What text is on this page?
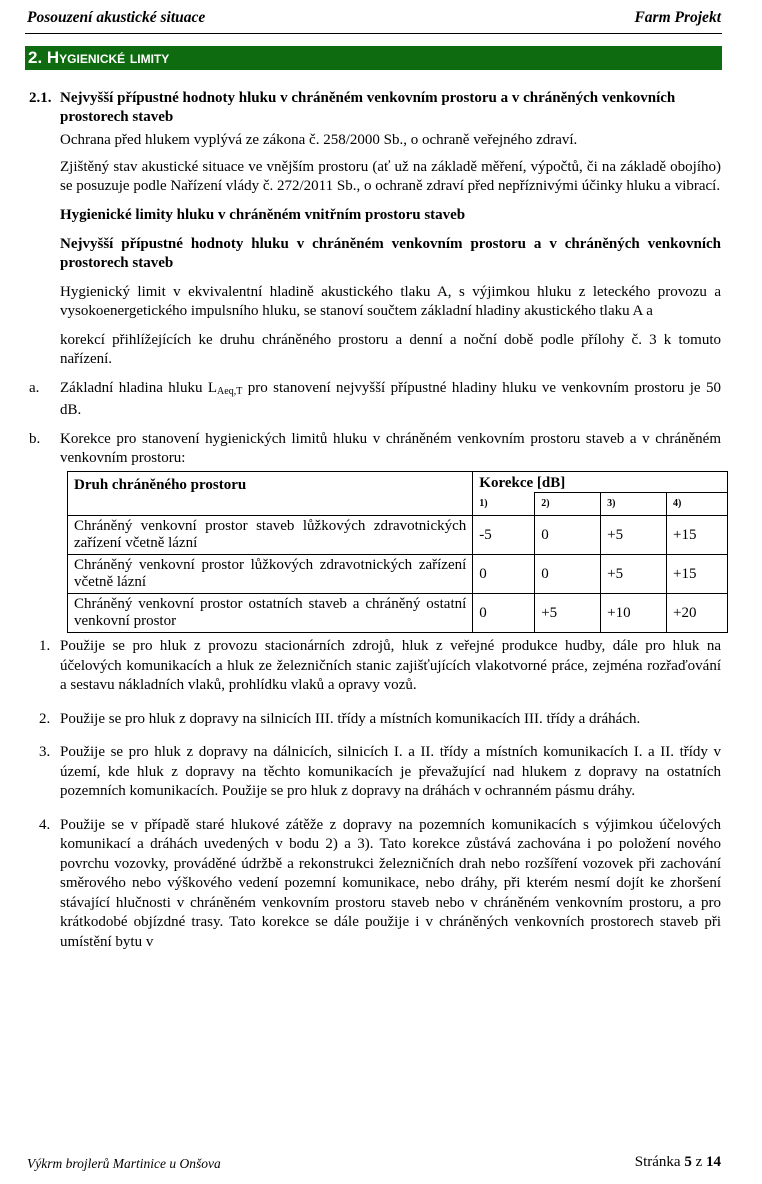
Posouzení akustické situace	Farm Projekt
2. Hygienické limity
2.1. Nejvyšší přípustné hodnoty hluku v chráněném venkovním prostoru a v chráněných venkovních prostorech staveb

Ochrana před hlukem vyplývá ze zákona č. 258/2000 Sb., o ochraně veřejného zdraví.

Zjištěný stav akustické situace ve vnějším prostoru (ať už na základě měření, výpočtů, či na základě obojího) se posuzuje podle Nařízení vlády č. 272/2011 Sb., o ochraně zdraví před nepříznivými účinky hluku a vibrací.

Hygienické limity hluku v chráněném vnitřním prostoru staveb

Nejvyšší přípustné hodnoty hluku v chráněném venkovním prostoru a v chráněných venkovních prostorech staveb

Hygienický limit v ekvivalentní hladině akustického tlaku A, s výjimkou hluku z leteckého provozu a vysokoenergetického impulsního hluku, se stanoví součtem základní hladiny akustického tlaku A a

korekcí přihlížejících ke druhu chráněného prostoru a denní a noční době podle přílohy č. 3 k tomuto nařízení.

a. Základní hladina hluku $L_{Aeq,T}$ pro stanovení nejvyšší přípustné hladiny hluku ve venkovním prostoru je 50 dB.
b. Korekce pro stanovení hygienických limitů hluku v chráněném venkovním prostoru staveb a v chráněném venkovním prostoru:
Druh chráněného prostoru	Korekce [dB]			
	1)	2)	3)	4)
Chráněný venkovní prostor staveb lůžkových zdravotnických zařízení včetně lázní	-5	0	+5	+15
Chráněný venkovní prostor lůžkových zdravotnických zařízení včetně lázní	0	0	+5	+15
Chráněný venkovní prostor ostatních staveb a chráněný ostatní venkovní prostor	0	+5	+10	+20
1. Použije se pro hluk z provozu stacionárních zdrojů, hluk z veřejné produkce hudby, dále pro hluk na účelových komunikacích a hluk ze železničních stanic zajišťujících vlakotvorné práce, zejména rozřaďování a sestavu nákladních vlaků, prohlídku vlaků a opravy vozů.
2. Použije se pro hluk z dopravy na silnicích III. třídy a místních komunikacích III. třídy a dráhách.
3. Použije se pro hluk z dopravy na dálnicích, silnicích I. a II. třídy a místních komunikacích I. a II. třídy v území, kde hluk z dopravy na těchto komunikacích je převažující nad hlukem z dopravy na ostatních pozemních komunikacích. Použije se pro hluk z dopravy na dráhách v ochranném pásmu dráhy.
4. Použije se v případě staré hlukové zátěže z dopravy na pozemních komunikacích s výjimkou účelových komunikací a dráhách uvedených v bodu 2) a 3). Tato korekce zůstává zachována i po položení nového povrchu vozovky, prováděné údržbě a rekonstrukci železničních drah nebo rozšíření vozovek při zachování směrového nebo výškového vedení pozemní komunikace, nebo dráhy, při kterém nesmí dojít ke zhoršení stávající hlučnosti v chráněném venkovním prostoru staveb nebo v chráněném venkovním prostoru, a pro krátkodobé objízdné trasy. Tato korekce se dále použije i v chráněných venkovních prostorech staveb při umístění bytu v
Výkrm brojlerů Martinice u Onšova	Stránka 5 z 14
